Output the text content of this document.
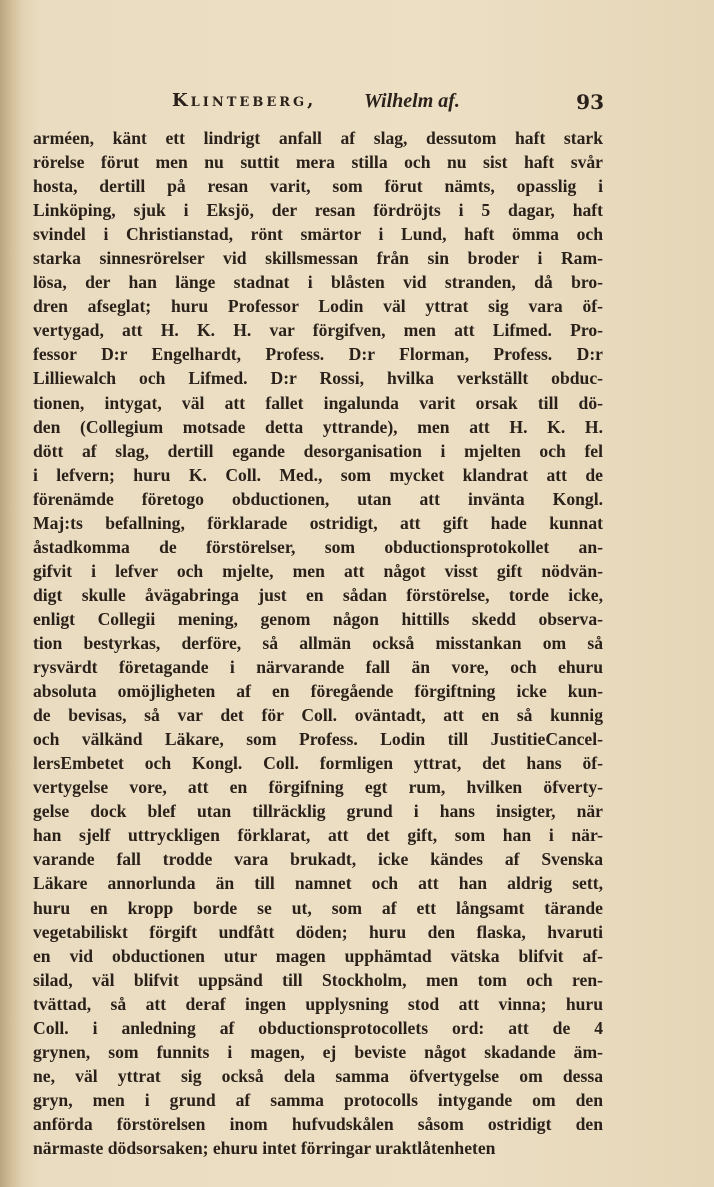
Klinteberg, Wilhelm af.	93
arméen, känt ett lindrigt anfall af slag, dessutom haft stark
rörelse förut men nu suttit mera stilla och nu sist haft svår
hosta, dertill på resan varit, som förut nämts, opasslig i
Linköping, sjuk i Eksjö, der resan fördröjts i 5 dagar, haft
svindel i Christianstad, rönt smärtor i Lund, haft ömma och
starka sinnesrörelser vid skillsmessan från sin broder i Ram-
lösa, der han länge stadnat i blåsten vid stranden, då bro-
dren afseglat; huru Professor Lodin väl yttrat sig vara öf-
vertygad, att H. K. H. var förgifven, men att Lifmed. Pro-
fessor D:r Engelhardt, Profess. D:r Florman, Profess. D:r
Lilliewalch och Lifmed. D:r Rossi, hvilka verkställt obduc-
tionen, intygat, väl att fallet ingalunda varit orsak till dö-
den (Collegium motsade detta yttrande), men att H. K. H.
dött af slag, dertill egande desorganisation i mjelten och fel
i lefvern; huru K. Coll. Med., som mycket klandrat att de
förenämde företogo obductionen, utan att invänta Kongl.
Maj:ts befallning, förklarade ostridigt, att gift hade kunnat
åstadkomma de förstörelser, som obductionsprotokollet an-
gifvit i lefver och mjelte, men att något visst gift nödvän-
digt skulle åvägabringa just en sådan förstörelse, torde icke,
enligt Collegii mening, genom någon hittills skedd observa-
tion bestyrkas, derföre, så allmän också misstankan om så
rysvärdt företagande i närvarande fall än vore, och ehuru
absoluta omöjligheten af en föregående förgiftning icke kun-
de bevisas, så var det för Coll. oväntadt, att en så kunnig
och välkänd Läkare, som Profess. Lodin till JustitieCancel-
lersEmbetet och Kongl. Coll. formligen yttrat, det hans öf-
vertygelse vore, att en förgifning egt rum, hvilken öfverty-
gelse dock blef utan tillräcklig grund i hans insigter, när
han sjelf uttryckligen förklarat, att det gift, som han i när-
varande fall trodde vara brukadt, icke kändes af Svenska
Läkare annorlunda än till namnet och att han aldrig sett,
huru en kropp borde se ut, som af ett långsamt tärande
vegetabiliskt förgift undfått döden; huru den flaska, hvaruti
en vid obductionen utur magen upphämtad vätska blifvit af-
silad, väl blifvit uppsänd till Stockholm, men tom och ren-
tvättad, så att deraf ingen upplysning stod att vinna; huru
Coll. i anledning af obductionsprotocollets ord: att de 4
grynen, som funnits i magen, ej beviste något skadande äm-
ne, väl yttrat sig också dela samma öfvertygelse om dessa
gryn, men i grund af samma protocolls intygande om den
anförda förstörelsen inom hufvudskålen såsom ostridigt den
närmaste dödsorsaken; ehuru intet förringar uraktlåtenheten
